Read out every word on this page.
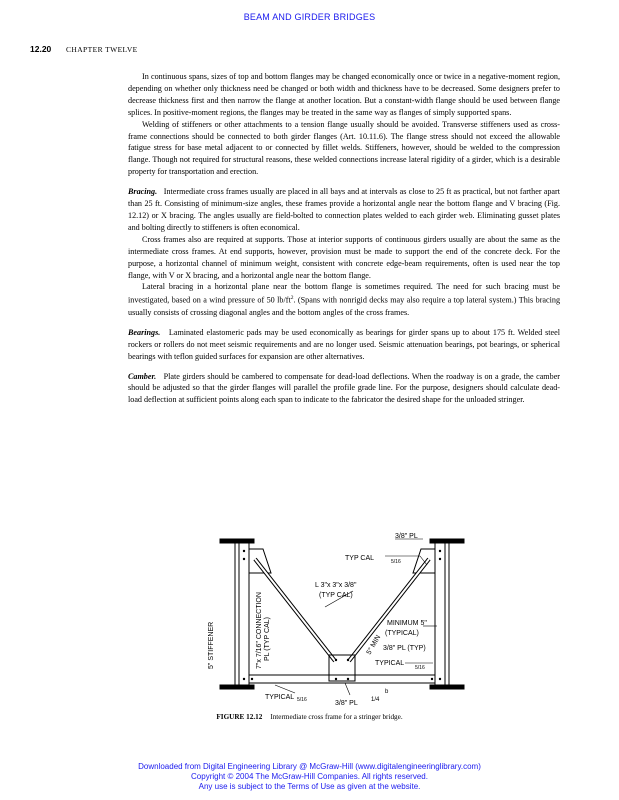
BEAM AND GIRDER BRIDGES
12.20 CHAPTER TWELVE

In continuous spans, sizes of top and bottom flanges may be changed economically once or twice in a negative-moment region, depending on whether only thickness need be changed or both width and thickness have to be decreased. Some designers prefer to decrease thickness first and then narrow the flange at another location. But a constant-width flange should be used between flange splices. In positive-moment regions, the flanges may be treated in the same way as flanges of simply supported spans.

Welding of stiffeners or other attachments to a tension flange usually should be avoided. Transverse stiffeners used as cross-frame connections should be connected to both girder flanges (Art. 10.11.6). The flange stress should not exceed the allowable fatigue stress for base metal adjacent to or connected by fillet welds. Stiffeners, however, should be welded to the compression flange. Though not required for structural reasons, these welded connections increase lateral rigidity of a girder, which is a desirable property for transportation and erection.

Bracing. Intermediate cross frames usually are placed in all bays and at intervals as close to 25 ft as practical, but not farther apart than 25 ft. Consisting of minimum-size angles, these frames provide a horizontal angle near the bottom flange and V bracing (Fig. 12.12) or X bracing. The angles usually are field-bolted to connection plates welded to each girder web. Eliminating gusset plates and bolting directly to stiffeners is often economical.

Cross frames also are required at supports. Those at interior supports of continuous girders usually are about the same as the intermediate cross frames. At end supports, however, provision must be made to support the end of the concrete deck. For the purpose, a horizontal channel of minimum weight, consistent with concrete edge-beam requirements, often is used near the top flange, with V or X bracing, and a horizontal angle near the bottom flange.

Lateral bracing in a horizontal plane near the bottom flange is sometimes required. The need for such bracing must be investigated, based on a wind pressure of 50 $lb/ft^2$. (Spans with nonrigid decks may also require a top lateral system.) This bracing usually consists of crossing diagonal angles and the bottom angles of the cross frames.

Bearings. Laminated elastomeric pads may be used economically as bearings for girder spans up to about 175 ft. Welded steel rockers or rollers do not meet seismic requirements and are no longer used. Seismic attenuation bearings, pot bearings, or spherical bearings with teflon guided surfaces for expansion are other alternatives.

Camber. Plate girders should be cambered to compensate for dead-load deflections. When the roadway is on a grade, the camber should be adjusted so that the girder flanges will parallel the profile grade line. For the purpose, designers should calculate dead-load deflection at sufficient points along each span to indicate to the fabricator the desired shape for the unloaded stringer.

3/8" PL
TYP CAL	5/16
L 3"x 3"x 3/8"
(TYP CAL)
5" STIFFENER	7"x 7/16" CONNECTION PL (TYP CAL)	5" MIN
MINIMUM 5"
(TYPICAL)
3/8" PL (TYP)
TYPICAL
5/16
TYPICAL 5/16	3/8" PL 1/4
b
FIGURE 12.12 Intermediate cross frame for a stringer bridge.
Downloaded from Digital Engineering Library @ McGraw-Hill (www.digitalengineeringlibrary.com)
Copyright © 2004 The McGraw-Hill Companies. All rights reserved.
Any use is subject to the Terms of Use as given at the website.
